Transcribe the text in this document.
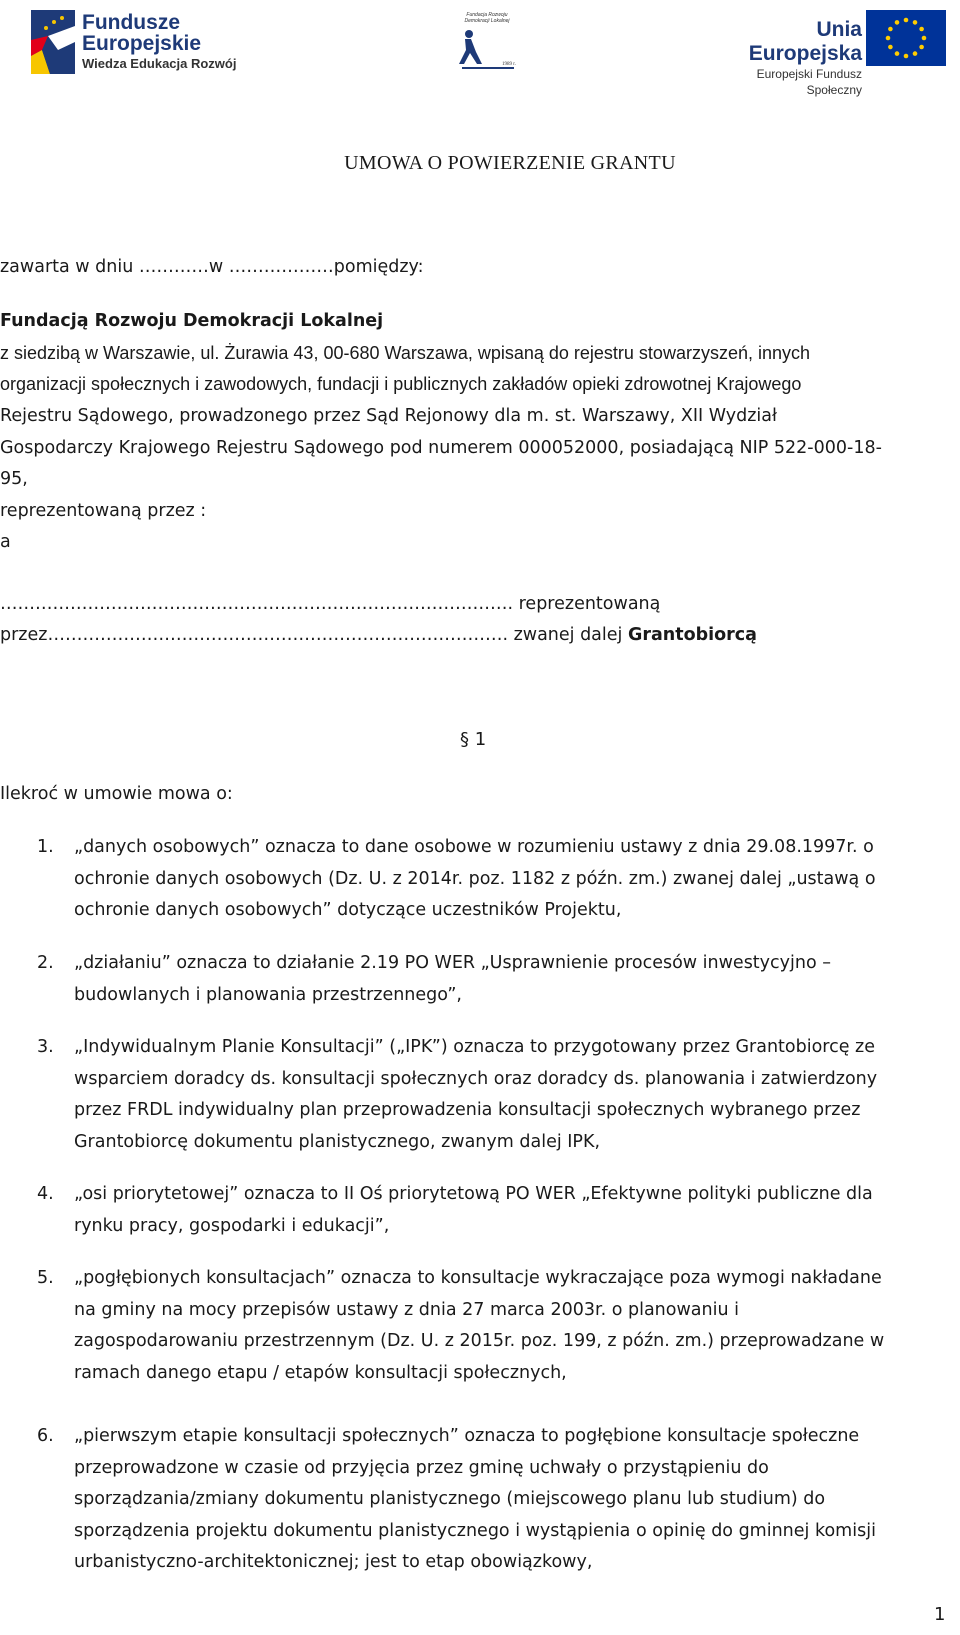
Fundusze
Europejskie
Wiedza Edukacja Rozwój
Fundacja Rozwoju Demokracji Lokalnej
1989 r.
Unia Europejska
Europejski Fundusz Społeczny
UMOWA O POWIERZENIE GRANTU
zawarta w dniu …………w ………………pomiędzy:
Fundacją Rozwoju Demokracji Lokalnej
z siedzibą w Warszawie, ul. Żurawia 43, 00-680 Warszawa, wpisaną do rejestru stowarzyszeń, innych
organizacji społecznych i zawodowych, fundacji i publicznych zakładów opieki zdrowotnej Krajowego
Rejestru Sądowego, prowadzonego przez Sąd Rejonowy dla m. st. Warszawy, XII Wydział
Gospodarczy Krajowego Rejestru Sądowego pod numerem 000052000, posiadającą NIP 522-000-18-
95,
reprezentowaną przez :
a
……………………………………………………………………………. reprezentowaną
przez……………………………………………………………………. zwanej dalej Grantobiorcą
§ 1
Ilekroć w umowie mowa o:
1. „danych osobowych” oznacza to dane osobowe w rozumieniu ustawy z dnia 29.08.1997r. o
ochronie danych osobowych (Dz. U. z 2014r. poz. 1182 z późn. zm.) zwanej dalej „ustawą o
ochronie danych osobowych” dotyczące uczestników Projektu,
2. „działaniu” oznacza to działanie 2.19 PO WER „Usprawnienie procesów inwestycyjno –
budowlanych i planowania przestrzennego”,
3. „Indywidualnym Planie Konsultacji” („IPK”) oznacza to przygotowany przez Grantobiorcę ze
wsparciem doradcy ds. konsultacji społecznych oraz doradcy ds. planowania i zatwierdzony
przez FRDL indywidualny plan przeprowadzenia konsultacji społecznych wybranego przez
Grantobiorcę dokumentu planistycznego, zwanym dalej IPK,
4. „osi priorytetowej” oznacza to II Oś priorytetową PO WER „Efektywne polityki publiczne dla
rynku pracy, gospodarki i edukacji”,
5. „pogłębionych konsultacjach” oznacza to konsultacje wykraczające poza wymogi nakładane
na gminy na mocy przepisów ustawy z dnia 27 marca 2003r. o planowaniu i
zagospodarowaniu przestrzennym (Dz. U. z 2015r. poz. 199, z późn. zm.) przeprowadzane w
ramach danego etapu / etapów konsultacji społecznych,
6. „pierwszym etapie konsultacji społecznych” oznacza to pogłębione konsultacje społeczne
przeprowadzone w czasie od przyjęcia przez gminę uchwały o przystąpieniu do
sporządzania/zmiany dokumentu planistycznego (miejscowego planu lub studium) do
sporządzenia projektu dokumentu planistycznego i wystąpienia o opinię do gminnej komisji
urbanistyczno-architektonicznej; jest to etap obowiązkowy,
1
